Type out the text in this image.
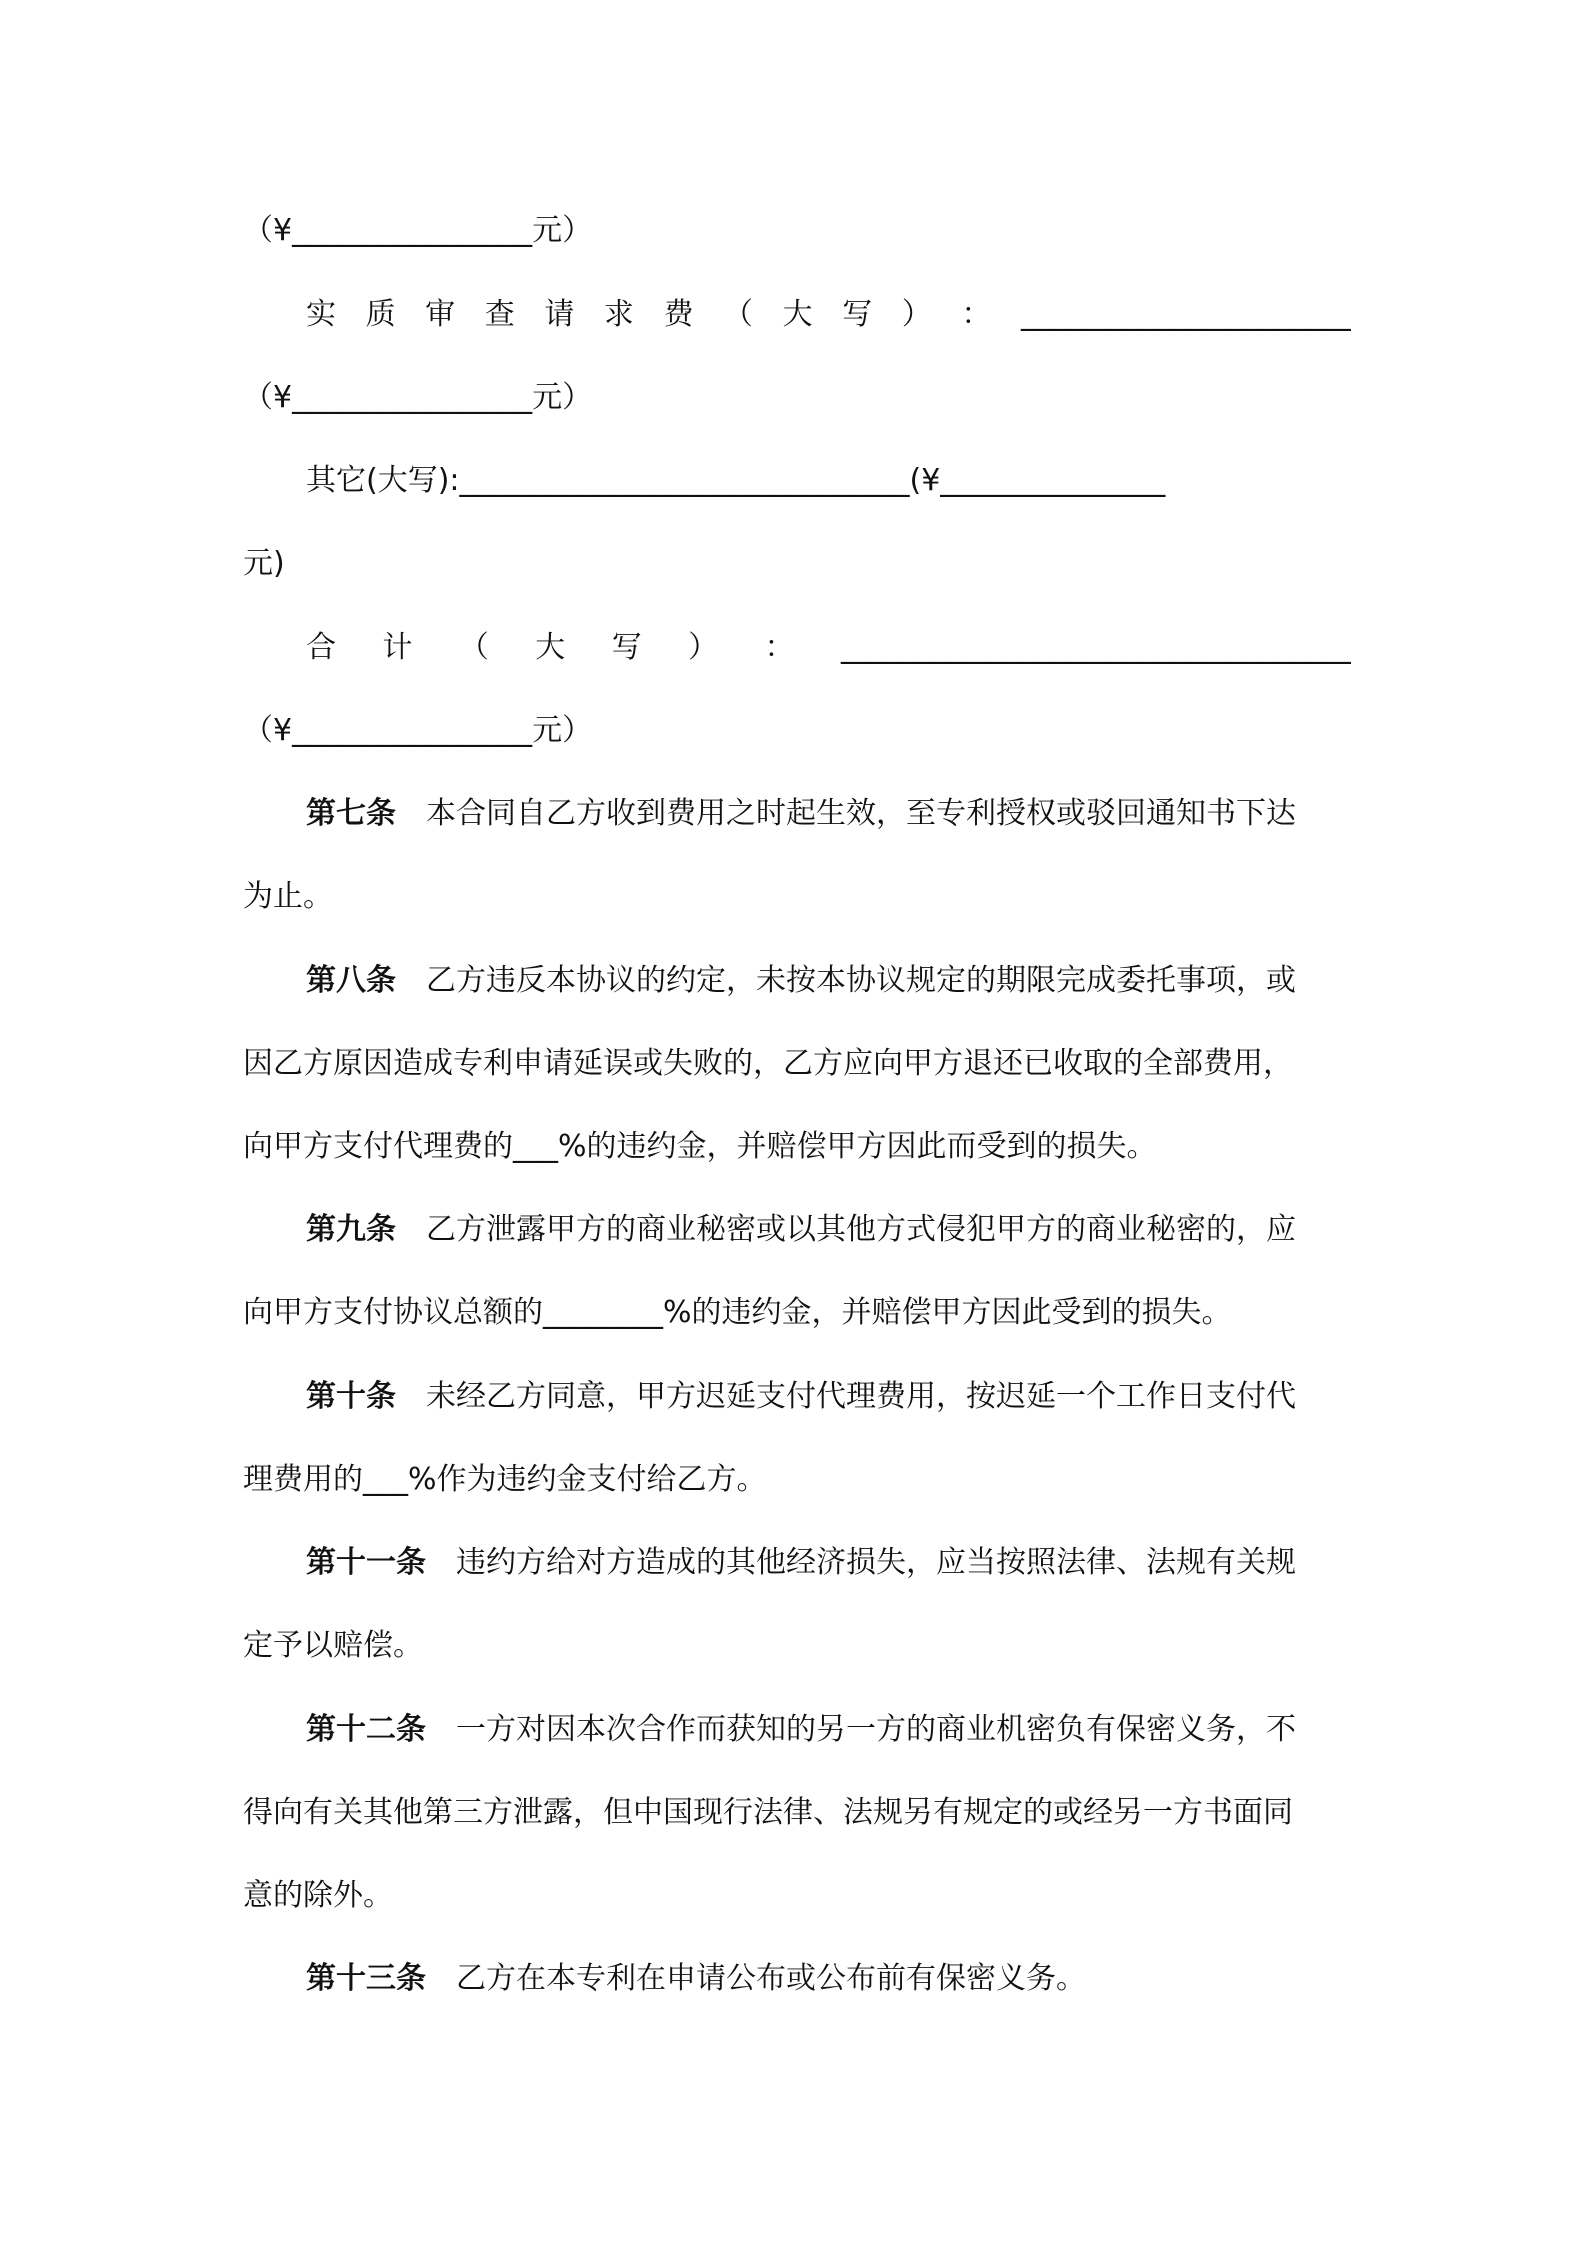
（¥________________元）
实 质 审 查 请 求 费 （ 大 写 ） ： ______________________
（¥________________元）
其它(大写):______________________________(¥_______________
元)
合 计 （ 大 写 ） ： __________________________________
（¥________________元）
第七条 本合同自乙方收到费用之时起生效，至专利授权或驳回通知书下达
为止。
第八条 乙方违反本协议的约定，未按本协议规定的期限完成委托事项，或
因乙方原因造成专利申请延误或失败的，乙方应向甲方退还已收取的全部费用，
向甲方支付代理费的___%的违约金，并赔偿甲方因此而受到的损失。
第九条 乙方泄露甲方的商业秘密或以其他方式侵犯甲方的商业秘密的，应
向甲方支付协议总额的________%的违约金，并赔偿甲方因此受到的损失。
第十条 未经乙方同意，甲方迟延支付代理费用，按迟延一个工作日支付代
理费用的___%作为违约金支付给乙方。
第十一条 违约方给对方造成的其他经济损失，应当按照法律、法规有关规
定予以赔偿。
第十二条 一方对因本次合作而获知的另一方的商业机密负有保密义务，不
得向有关其他第三方泄露，但中国现行法律、法规另有规定的或经另一方书面同
意的除外。
第十三条 乙方在本专利在申请公布或公布前有保密义务。
